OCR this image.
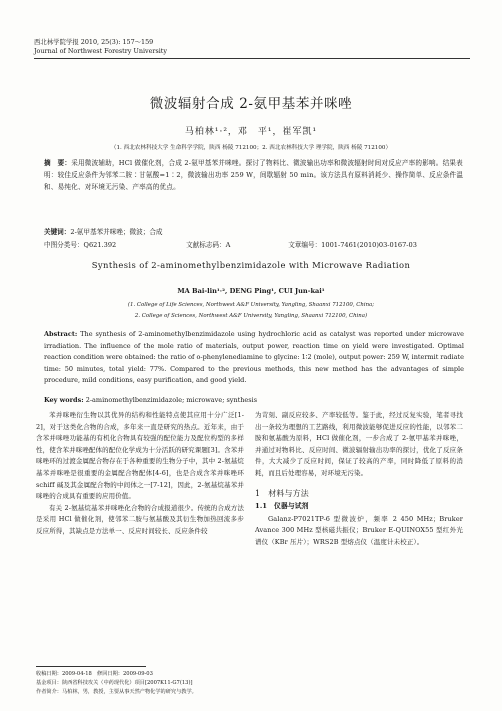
西北林学院学报 2010, 25(3): 157～159
Journal of Northwest Forestry University
微波辐射合成 2-氨甲基苯并咪唑
马柏林¹·²，邓　平¹，崔军凯¹
（1. 西北农林科技大学 生命科学学院，陕西 杨陵 712100；2. 西北农林科技大学 理学院，陕西 杨陵 712100）
摘　要：采用微波辅助，HCl 做催化剂，合成 2-氨甲基苯并咪唑。探讨了物料比、微波输出功率和微波辐射时间对反应产率的影响。结果表明：较佳反应条件为邻苯二胺∶甘氨酸=1∶2，微波输出功率 259 W，间歇辐射 50 min。该方法具有原料消耗少、操作简单、反应条件温和、易纯化、对环境无污染、产率高的优点。
关键词：2-氨甲基苯并咪唑；微波；合成
中图分类号：Q621.392	文献标志码：A	文章编号：1001-7461(2010)03-0167-03
Synthesis of 2-aminomethylbenzimidazole with Microwave Radiation
MA Bai-lin¹·², DENG Ping¹, CUI Jun-kai¹
(1. College of Life Sciences, Northwest A&F University, Yangling, Shaanxi 712100, China;
2. College of Sciences, Northwest A&F University, Yangling, Shaanxi 712100, China)
Abstract: The synthesis of 2-aminomethylbenzimidazole using hydrochloric acid as catalyst was reported under microwave irradiation. The influence of the mole ratio of materials, output power, reaction time on yield were investigated. Optimal reaction condition were obtained: the ratio of o-phenylenediamine to glycine: 1∶2 (mole), output power: 259 W, intermit radiate time: 50 minutes, total yield: 77%. Compared to the previous methods, this new method has the advantages of simple procedure, mild conditions, easy purification, and good yield.
Key words: 2-aminomethylbenzimidazole; microwave; synthesis

苯并咪唑衍生物以其优异的结构和性能特点使其应用十分广泛[1-2]，对于这类化合物的合成，多年来一直是研究的热点。近年来，由于含苯并咪唑功能基的有机化合物具有较强的配位能力及配位构型的多样性，使含苯并咪唑配体的配位化学成为十分活跃的研究课题[3]。含苯并咪唑环的过渡金属配合物存在于各种重要的生物分子中，其中 2-氨基烷基苯并咪唑是很重要的金属配合物配体[4-6]，也是合成含苯并咪唑环 schiff 碱及其金属配合物的中间体之一[7-12]，因此，2-氨基烷基苯并咪唑的合成具有重要的应用价值。

有关 2-氨基烷基苯并咪唑化合物的合成报道很少。传统的合成方法是采用 HCl 做催化剂，使邻苯二胺与氨基酸及其衍生物加热回流多步反应所得，其缺点是方法单一、反应时间较长、反应条件较

为苛刻、副反应较多、产率较低等。鉴于此，经过反复实验，笔者寻找出一条较为理想的工艺路线，利用微波能够促进反应的性能，以邻苯二胺和氨基酸为原料，HCl 做催化剂，一步合成了 2-氨甲基苯并咪唑，并通过对物料比、反应时间、微波辐射输出功率的探讨，优化了反应条件，大大减少了反应时间，保证了较高的产率，同时降低了原料的消耗，而且后处理容易，对环境无污染。

1　材料与方法
1.1　仪器与试剂

Galanz-P7021TP-6 型微波炉，频率 2 450 MHz；Bruker Avance 300 MHz 型核磁共振仪；Bruker E-QUINOX55 型红外光谱仪（KBr 压片）；WRS2B 型熔点仪（温度计未校正）。

收稿日期：2009-04-18　修回日期：2009-09-03
基金项目：陕西省科技攻关（中药现代化）项目[2007K11-G7(13)]
作者简介：马柏林，男，教授，主要从事天然产物化学的研究与教学。
